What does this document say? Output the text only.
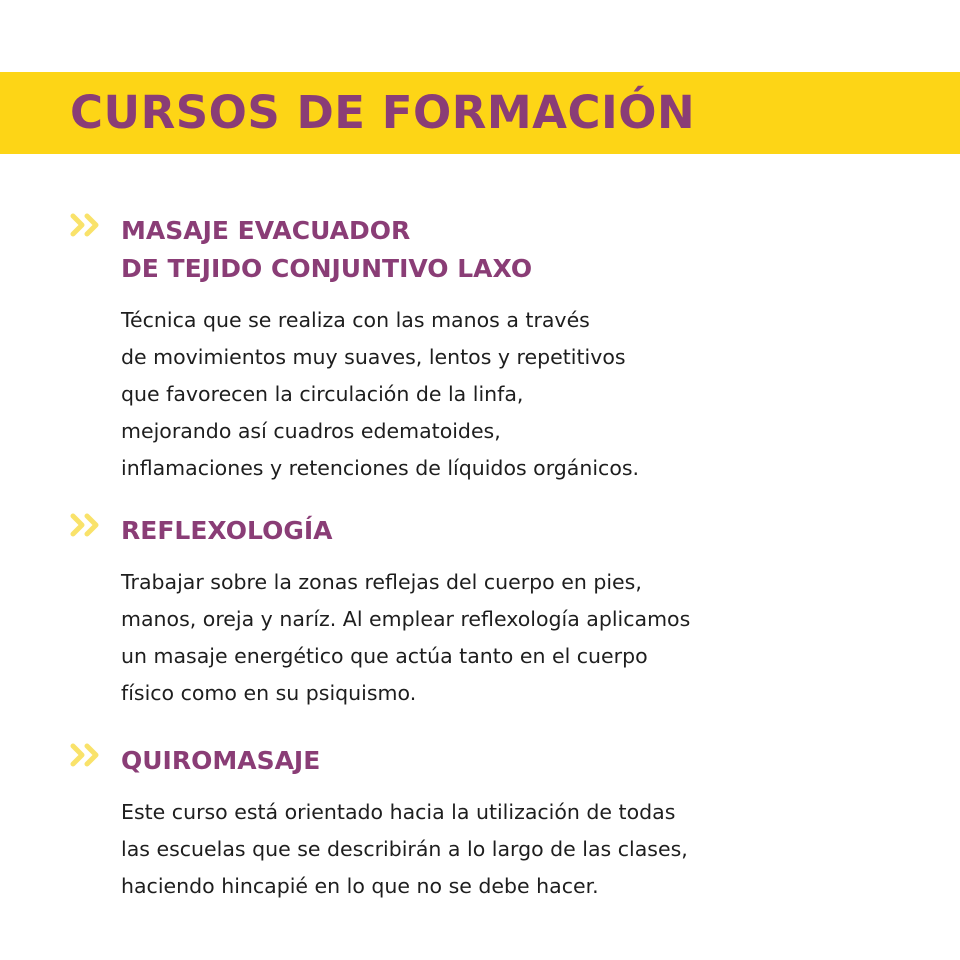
CURSOS DE FORMACIÓN
MASAJE EVACUADOR
DE TEJIDO CONJUNTIVO LAXO

Técnica que se realiza con las manos a través
de movimientos muy suaves, lentos y repetitivos
que favorecen la circulación de la linfa,
mejorando así cuadros edematoides,
inflamaciones y retenciones de líquidos orgánicos.

REFLEXOLOGÍA

Trabajar sobre la zonas reflejas del cuerpo en pies,
manos, oreja y naríz. Al emplear reflexología aplicamos
un masaje energético que actúa tanto en el cuerpo
físico como en su psiquismo.

QUIROMASAJE

Este curso está orientado hacia la utilización de todas
las escuelas que se describirán a lo largo de las clases,
haciendo hincapié en lo que no se debe hacer.
